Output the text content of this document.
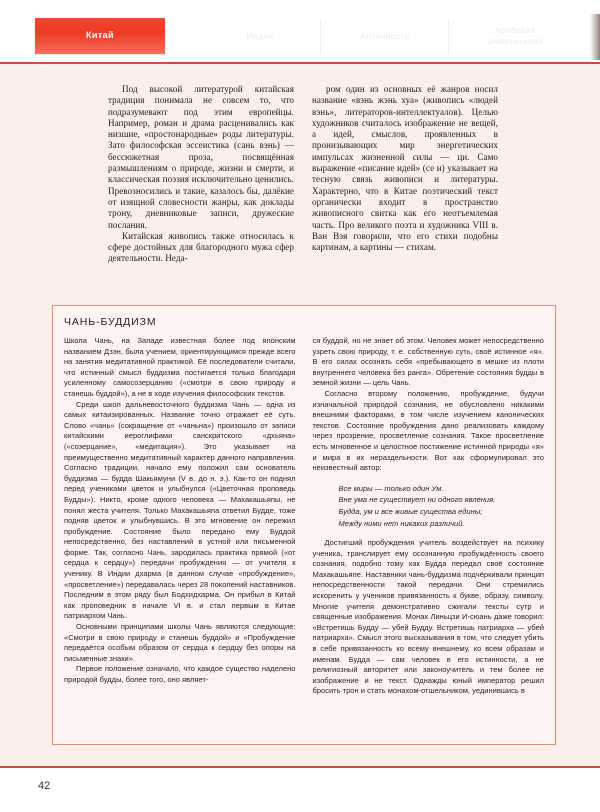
Китай	Индия	Античность
Арабская
цивилизация

Под высокой литературой китайская традиция понимала не совсем то, что подразумевают под этим европейцы. Например, роман и драма расценивались как низшие, «простонародные» роды литературы. Зато философская эссеистика (сань вэнь) — бессюжетная проза, посвящённая размышлениям о природе, жизни и смерти, и классическая поэзия исключительно ценились. Превозносились и такие, казалось бы, далёкие от изящной словесности жанры, как доклады трону, дневниковые записи, дружеские послания.

Китайская живопись также относилась к сфере достойных для благородного мужа сфер деятельности. Неда-

ром один из основных её жанров носил название «вэнь жэнь хуа» (живопись «людей вэнь», литераторов-интеллектуалов). Целью художников считалось изображение не вещей, а идей, смыслов, проявленных в пронизывающих мир энергетических импульсах жизненной силы — ци. Само выражение «писание идей» (се и) указывает на тесную связь живописи и литературы. Характерно, что в Китае поэтический текст органически входит в пространство живописного свитка как его неотъемлемая часть. Про великого поэта и художника VIII в. Ван Вэя говорили, что его стихи подобны картинам, а картины — стихам.

ЧАНЬ-БУДДИЗМ

Школа Чань, на Западе известная более под японским названием Дзэн, была учением, ориентирующимся прежде всего на занятия медитативной практикой. Её последователи считали, что истинный смысл буддизма постигается только благодаря усиленному самосозерцанию («смотри в свою природу и станешь буддой»), а не в ходе изучения философских текстов.

Среди школ дальневосточного буддизма Чань — одна из самых китаизированных. Название точно отражает её суть. Слово «чань» (сокращение от «чаньна») произошло от записи китайскими иероглифами санскритского «дхьяна» («созерцание», «медитация»). Это указывает на преимущественно медитативный характер данного направления. Согласно традиции, начало ему положил сам основатель буддизма — будда Шакьямуни (V в. до н. э.). Как-то он поднял перед учениками цветок и улыбнулся («Цветочная проповедь Будды»). Никто, кроме одного человека — Махакашьяпы, не понял жеста учителя. Только Махакашьяпа ответил Будде, тоже подняв цветок и улыбнувшись. В это мгновение он пережил пробуждение. Состояние было передано ему Буддой непосредственно, без наставлений в устной или письменной форме. Так, согласно Чань, зародилась практика прямой («от сердца к сердцу») передачи пробуждения — от учителя к ученику. В Индии дхарма (в данном случае «пробуждение», «просветление») передавалась через 28 поколений наставников. Последним в этом ряду был Бодхидхарма. Он прибыл в Китай как проповедник в начале VI в. и стал первым в Китае патриархом Чань.

Основными принципами школы Чань являются следующие: «Смотри в свою природу и станешь буддой» и «Пробуждение передаётся особым образом от сердца к сердцу без опоры на письменные знаки».

Первое положение означало, что каждое существо наделено природой будды, более того, оно являет-

ся буддой, но не знает об этом. Человек может непосредственно узреть свою природу, т. е. собственную суть, своё истинное «я». В его силах осознать себя «пребывающего в мешке из плоти внутреннего человека без ранга». Обретение состояния будды в земной жизни — цель Чань.

Согласно второму положению, пробуждение, будучи изначальной природой сознания, не обусловлено никакими внешними факторами, в том числе изучением канонических текстов. Состояние пробуждения дано реализовать каждому через прозрение, просветление сознания. Такое просветление есть мгновенное и целостное постижение истинной природы «я» и мира в их нераздельности. Вот как сформулировал это неизвестный автор:

Все миры — только один Ум.
Вне ума не существует ни одного явления.
Будда, ум и все живые существа едины;
Между ними нет никаких различий.

Достигший пробуждения учитель воздействует на психику ученика, транслирует ему осознанную пробуждённость своего сознания, подобно тому как Будда передал своё состояние Махакашьяпе. Наставники чань-буддизма подчёркивали принцип непосредственности такой передачи. Они стремились искоренить у учеников привязанность к букве, образу, символу. Многие учителя демонстративно сжигали тексты сутр и священные изображения. Монах Линьцзи И-сюань даже говорил: «Встретишь Будду — убей Будду. Встретишь патриарха — убей патриарха». Смысл этого высказывания в том, что следует убить в себе привязанность ко всему внешнему, ко всем образам и именам. Будда — сам человек в его истинности, а не религиозный авторитет или законоучитель и тем более не изображение и не текст. Однажды юный император решил бросить трон и стать монахом-отшельником, уединившись в

42
